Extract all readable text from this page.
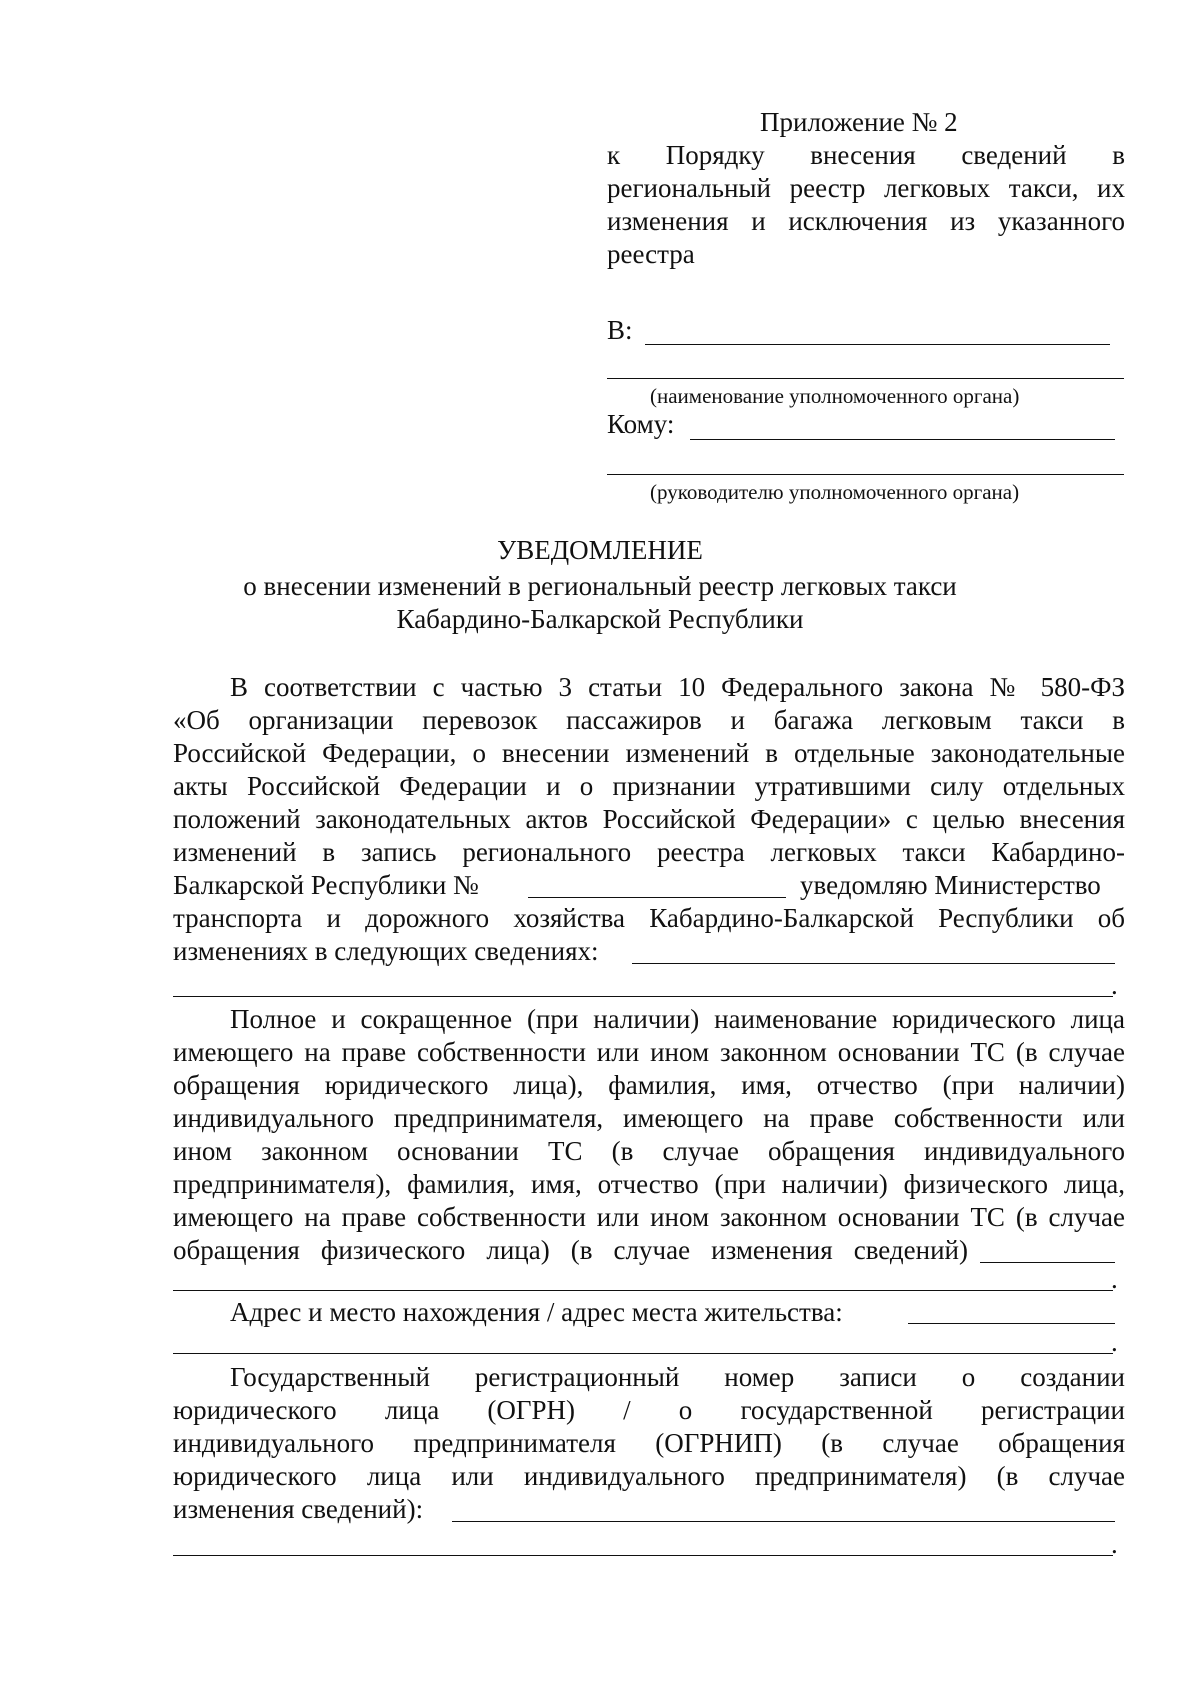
Приложение № 2
к Порядку внесения сведений в
региональный реестр легковых такси, их
изменения и исключения из указанного
реестра
В:
(наименование уполномоченного органа)
Кому:
(руководителю уполномоченного органа)
УВЕДОМЛЕНИЕ
о внесении изменений в региональный реестр легковых такси
Кабардино-Балкарской Республики
В соответствии с частью 3 статьи 10 Федерального закона № 580-ФЗ
«Об организации перевозок пассажиров и багажа легковым такси в
Российской Федерации, о внесении изменений в отдельные законодательные
акты Российской Федерации и о признании утратившими силу отдельных
положений законодательных актов Российской Федерации» с целью внесения
изменений в запись регионального реестра легковых такси Кабардино-
Балкарской Республики №	уведомляю Министерство
транспорта и дорожного хозяйства Кабардино-Балкарской Республики об
изменениях в следующих сведениях:
.
Полное и сокращенное (при наличии) наименование юридического лица
имеющего на праве собственности или ином законном основании ТС (в случае
обращения юридического лица), фамилия, имя, отчество (при наличии)
индивидуального предпринимателя, имеющего на праве собственности или
ином законном основании ТС (в случае обращения индивидуального
предпринимателя), фамилия, имя, отчество (при наличии) физического лица,
имеющего на праве собственности или ином законном основании ТС (в случае
обращения физического лица) (в случае изменения сведений)
.
Адрес и место нахождения / адрес места жительства:
.
Государственный регистрационный номер записи о создании
юридического лица (ОГРН) / о государственной регистрации
индивидуального предпринимателя (ОГРНИП) (в случае обращения
юридического лица или индивидуального предпринимателя) (в случае
изменения сведений):
.
